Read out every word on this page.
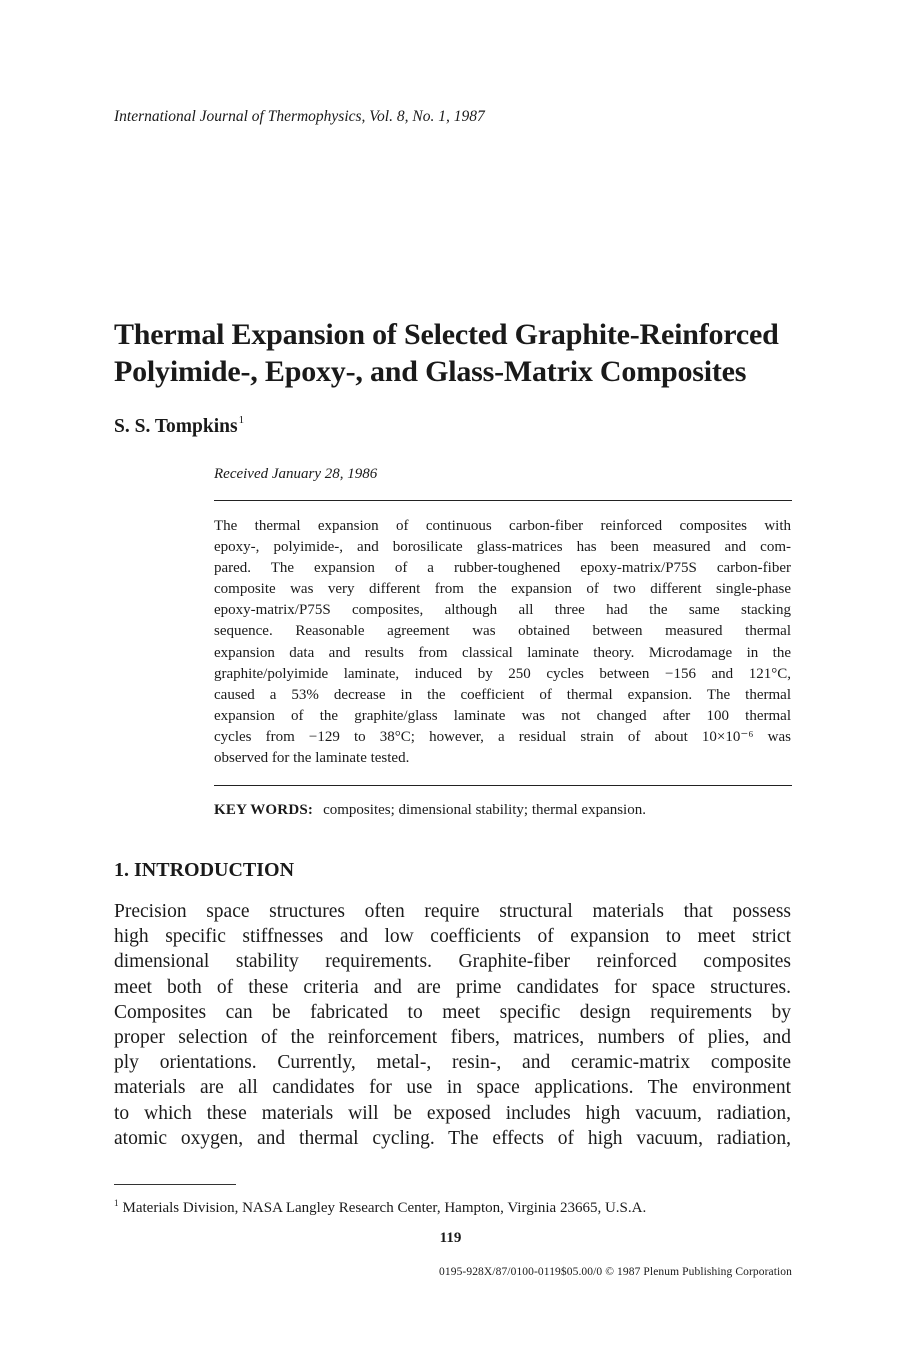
International Journal of Thermophysics, Vol. 8, No. 1, 1987
Thermal Expansion of Selected Graphite-Reinforced
Polyimide-, Epoxy-, and Glass-Matrix Composites
S. S. Tompkins$^1$
Received January 28, 1986
The thermal expansion of continuous carbon-fiber reinforced composites with
epoxy-, polyimide-, and borosilicate glass-matrices has been measured and com-
pared. The expansion of a rubber-toughened epoxy-matrix/P75S carbon-fiber
composite was very different from the expansion of two different single-phase
epoxy-matrix/P75S composites, although all three had the same stacking
sequence. Reasonable agreement was obtained between measured thermal
expansion data and results from classical laminate theory. Microdamage in the
graphite/polyimide laminate, induced by 250 cycles between −156 and 121°C,
caused a 53% decrease in the coefficient of thermal expansion. The thermal
expansion of the graphite/glass laminate was not changed after 100 thermal
cycles from −129 to 38°C; however, a residual strain of about 10×10⁻⁶ was
observed for the laminate tested.
KEY WORDS: composites; dimensional stability; thermal expansion.
1. INTRODUCTION
Precision space structures often require structural materials that possess
high specific stiffnesses and low coefficients of expansion to meet strict
dimensional stability requirements. Graphite-fiber reinforced composites
meet both of these criteria and are prime candidates for space structures.
Composites can be fabricated to meet specific design requirements by
proper selection of the reinforcement fibers, matrices, numbers of plies, and
ply orientations. Currently, metal-, resin-, and ceramic-matrix composite
materials are all candidates for use in space applications. The environment
to which these materials will be exposed includes high vacuum, radiation,
atomic oxygen, and thermal cycling. The effects of high vacuum, radiation,
$^1$ Materials Division, NASA Langley Research Center, Hampton, Virginia 23665, U.S.A.
119
0195-928X/87/0100-0119$05.00/0 © 1987 Plenum Publishing Corporation
